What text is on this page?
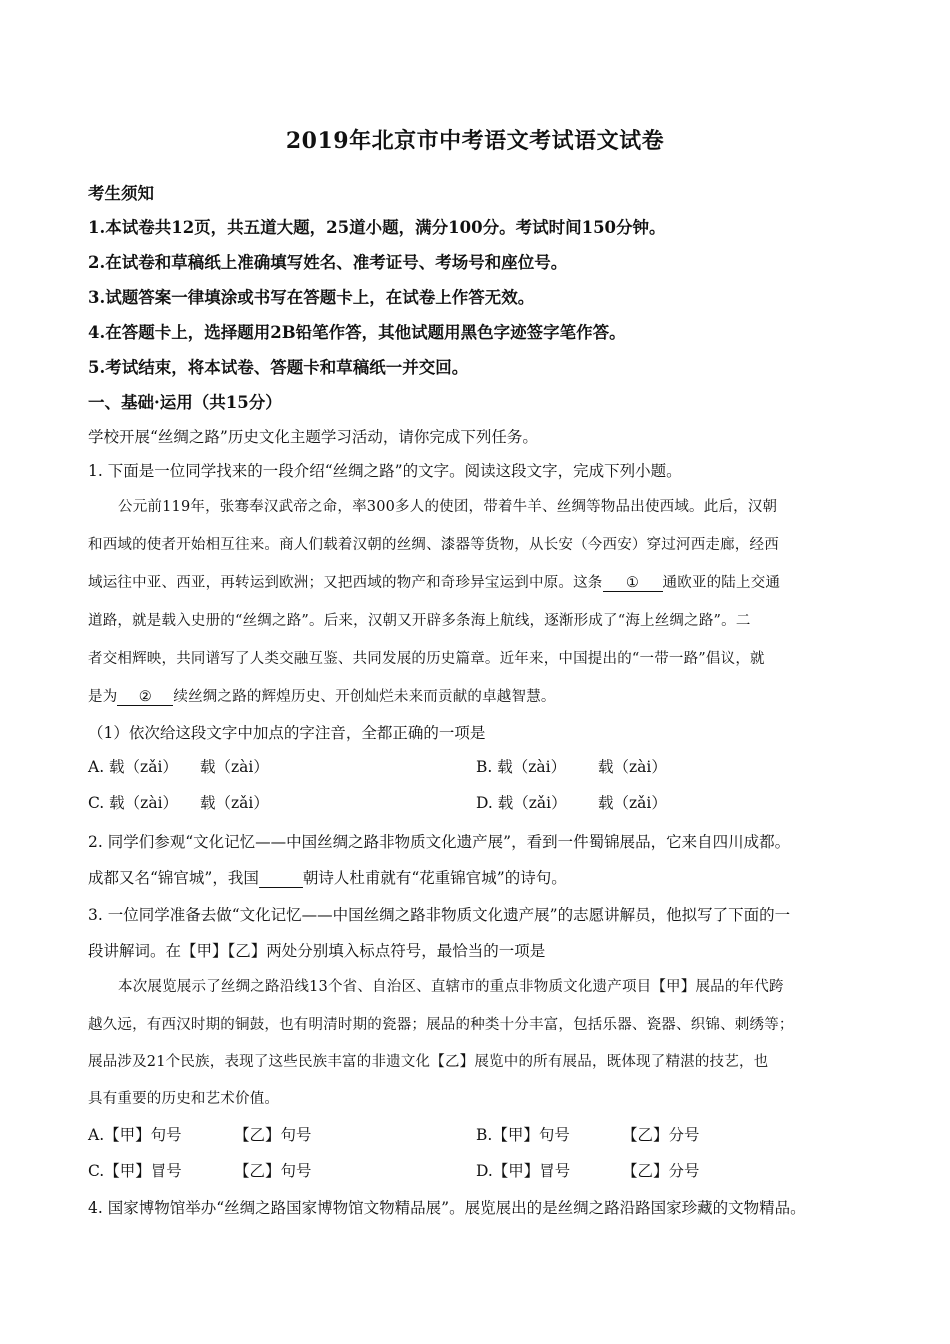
2019年北京市中考语文考试语文试卷
考生须知
1.本试卷共12页，共五道大题，25道小题，满分100分。考试时间150分钟。
2.在试卷和草稿纸上准确填写姓名、准考证号、考场号和座位号。
3.试题答案一律填涂或书写在答题卡上，在试卷上作答无效。
4.在答题卡上，选择题用2B铅笔作答，其他试题用黑色字迹签字笔作答。
5.考试结束，将本试卷、答题卡和草稿纸一并交回。
一、基础·运用（共15分）
学校开展“丝绸之路”历史文化主题学习活动，请你完成下列任务。
1. 下面是一位同学找来的一段介绍“丝绸之路”的文字。阅读这段文字，完成下列小题。
公元前119年，张骞奉汉武帝之命，率300多人的使团，带着牛羊、丝绸等物品出使西域。此后，汉朝
和西域的使者开始相互往来。商人们载着汉朝的丝绸、漆器等货物，从长安（今西安）穿过河西走廊，经西
域运往中亚、西亚，再转运到欧洲；又把西域的物产和奇珍异宝运到中原。这条 ① 通欧亚的陆上交通
道路，就是载入史册的“丝绸之路”。后来，汉朝又开辟多条海上航线，逐渐形成了“海上丝绸之路”。二
者交相辉映，共同谱写了人类交融互鉴、共同发展的历史篇章。近年来，中国提出的“一带一路”倡议，就
是为 ② 续丝绸之路的辉煌历史、开创灿烂未来而贡献的卓越智慧。
（1）依次给这段文字中加点的字注音，全都正确的一项是
A. 载（zǎi） 载（zài）	B. 载（zài） 载（zài）
C. 载（zài） 载（zǎi）	D. 载（zǎi） 载（zǎi）
2. 同学们参观“文化记忆——中国丝绸之路非物质文化遗产展”，看到一件蜀锦展品，它来自四川成都。
成都又名“锦官城”，我国	朝诗人杜甫就有“花重锦官城”的诗句。
3. 一位同学准备去做“文化记忆——中国丝绸之路非物质文化遗产展”的志愿讲解员，他拟写了下面的一
段讲解词。在【甲】【乙】两处分别填入标点符号，最恰当的一项是
本次展览展示了丝绸之路沿线13个省、自治区、直辖市的重点非物质文化遗产项目【甲】展品的年代跨
越久远，有西汉时期的铜鼓，也有明清时期的瓷器；展品的种类十分丰富，包括乐器、瓷器、织锦、刺绣等；
展品涉及21个民族，表现了这些民族丰富的非遗文化【乙】展览中的所有展品，既体现了精湛的技艺，也
具有重要的历史和艺术价值。
A.【甲】句号	【乙】句号	B.【甲】句号	【乙】分号
C.【甲】冒号	【乙】句号	D.【甲】冒号	【乙】分号
4. 国家博物馆举办“丝绸之路国家博物馆文物精品展”。展览展出的是丝绸之路沿路国家珍藏的文物精品。
